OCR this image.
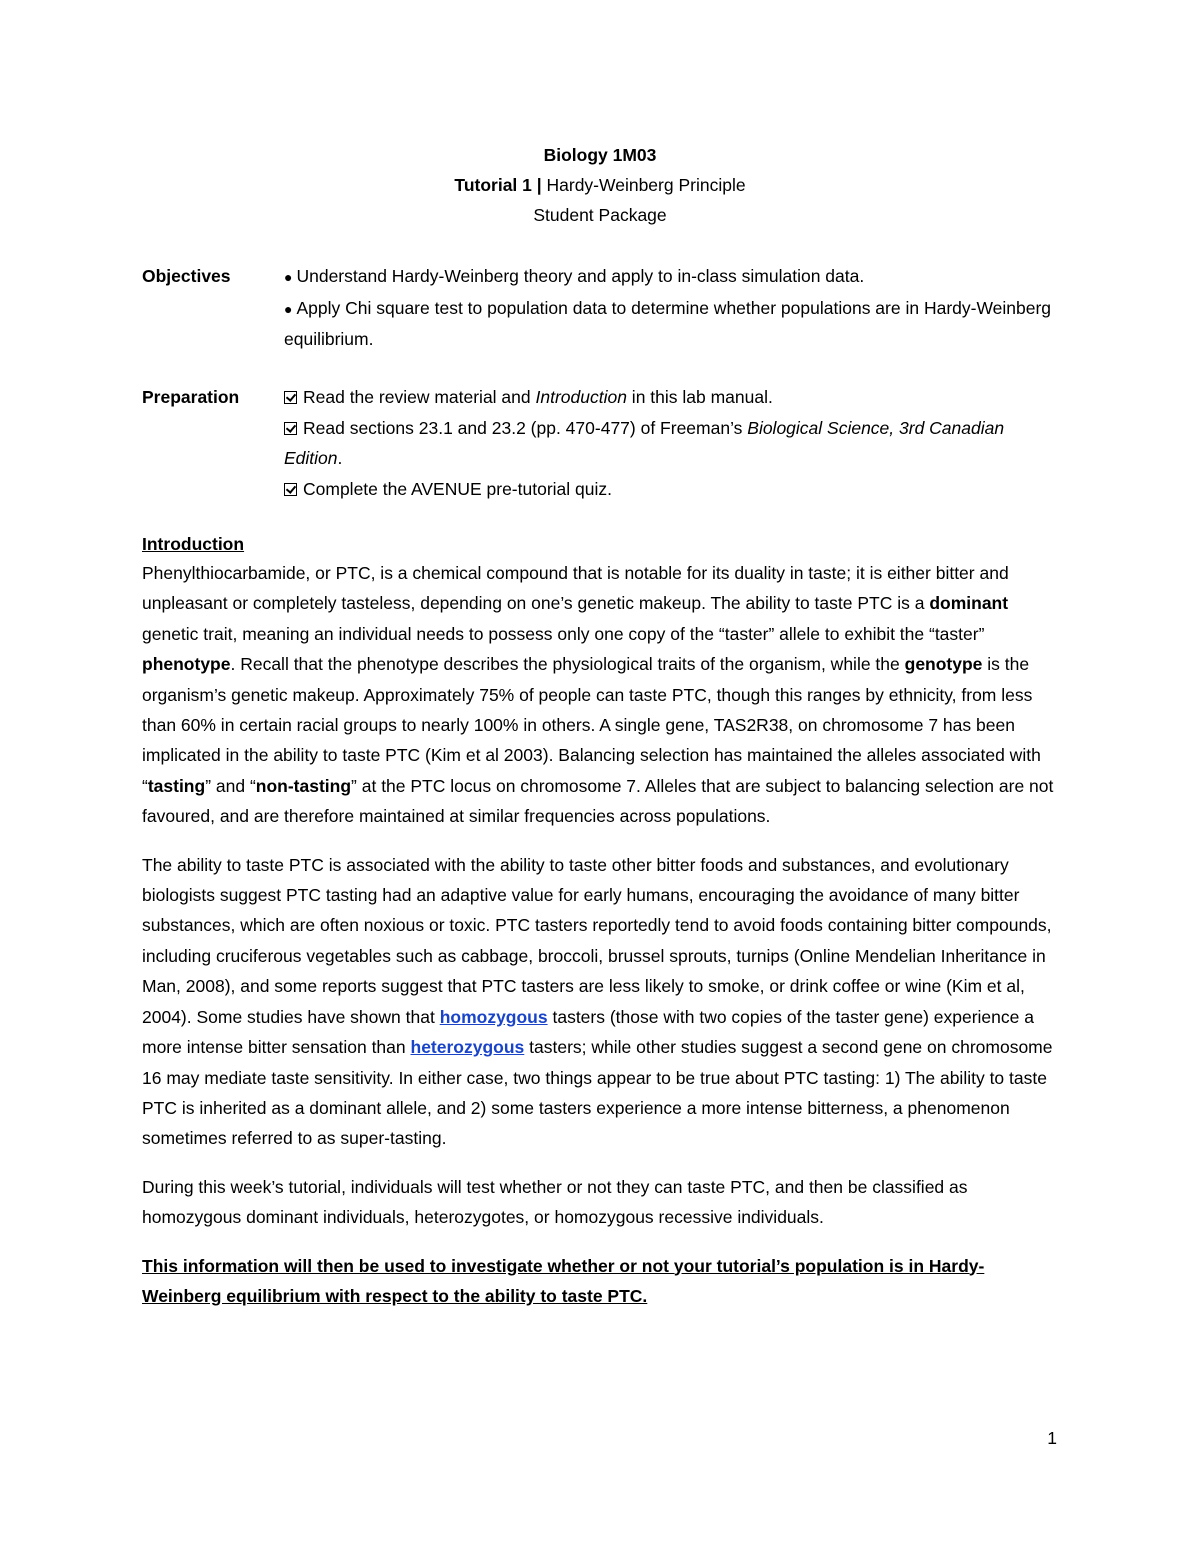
Biology 1M03
Tutorial 1 | Hardy-Weinberg Principle
Student Package
Objectives	● Understand Hardy-Weinberg theory and apply to in-class simulation data.
● Apply Chi square test to population data to determine whether populations are in Hardy-Weinberg equilibrium.
Preparation	Read the review material and Introduction in this lab manual.
Read sections 23.1 and 23.2 (pp. 470-477) of Freeman’s Biological Science, 3rd Canadian Edition.
Complete the AVENUE pre-tutorial quiz.
Introduction

Phenylthiocarbamide, or PTC, is a chemical compound that is notable for its duality in taste; it is either bitter and unpleasant or completely tasteless, depending on one’s genetic makeup. The ability to taste PTC is a dominant genetic trait, meaning an individual needs to possess only one copy of the “taster” allele to exhibit the “taster” phenotype. Recall that the phenotype describes the physiological traits of the organism, while the genotype is the organism’s genetic makeup. Approximately 75% of people can taste PTC, though this ranges by ethnicity, from less than 60% in certain racial groups to nearly 100% in others. A single gene, TAS2R38, on chromosome 7 has been implicated in the ability to taste PTC (Kim et al 2003). Balancing selection has maintained the alleles associated with “tasting” and “non-tasting” at the PTC locus on chromosome 7. Alleles that are subject to balancing selection are not favoured, and are therefore maintained at similar frequencies across populations.

The ability to taste PTC is associated with the ability to taste other bitter foods and substances, and evolutionary biologists suggest PTC tasting had an adaptive value for early humans, encouraging the avoidance of many bitter substances, which are often noxious or toxic. PTC tasters reportedly tend to avoid foods containing bitter compounds, including cruciferous vegetables such as cabbage, broccoli, brussel sprouts, turnips (Online Mendelian Inheritance in Man, 2008), and some reports suggest that PTC tasters are less likely to smoke, or drink coffee or wine (Kim et al, 2004). Some studies have shown that homozygous tasters (those with two copies of the taster gene) experience a more intense bitter sensation than heterozygous tasters; while other studies suggest a second gene on chromosome 16 may mediate taste sensitivity. In either case, two things appear to be true about PTC tasting: 1) The ability to taste PTC is inherited as a dominant allele, and 2) some tasters experience a more intense bitterness, a phenomenon sometimes referred to as super-tasting.

During this week’s tutorial, individuals will test whether or not they can taste PTC, and then be classified as homozygous dominant individuals, heterozygotes, or homozygous recessive individuals.

This information will then be used to investigate whether or not your tutorial’s population is in Hardy-Weinberg equilibrium with respect to the ability to taste PTC.

1
